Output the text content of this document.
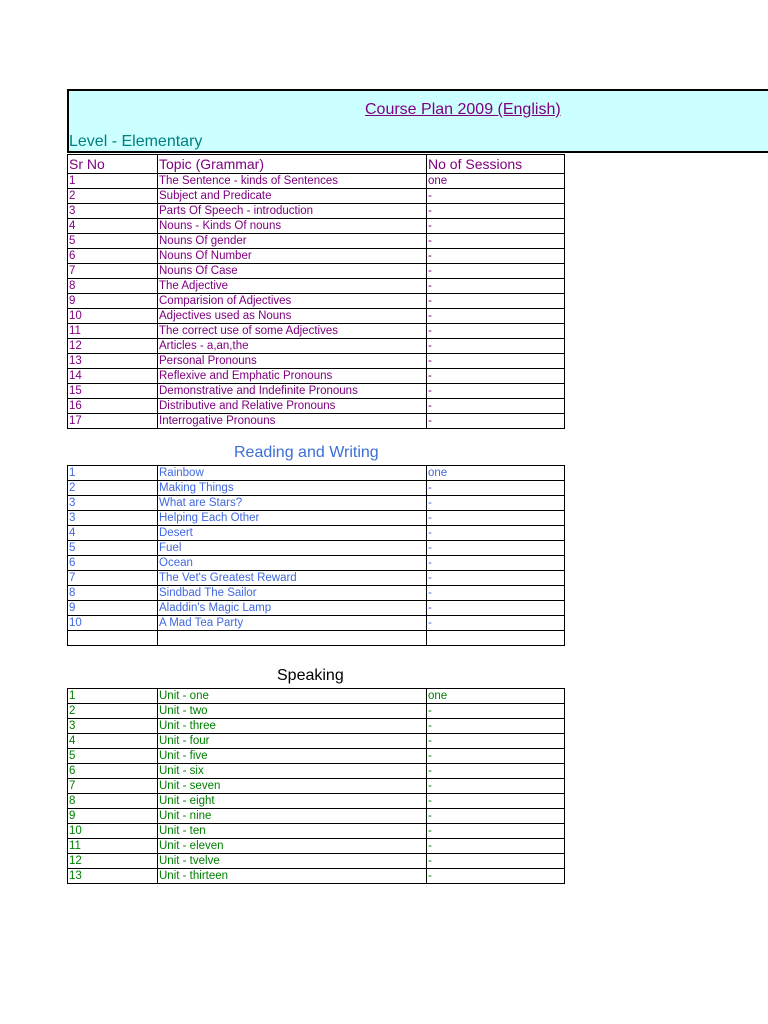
Course Plan 2009 (English)
Level - Elementary
Sr No	Topic (Grammar)	No of Sessions
1	The Sentence - kinds of Sentences	one
2	Subject and Predicate	-
3	Parts Of Speech - introduction	-
4	Nouns - Kinds Of nouns	-
5	Nouns Of gender	-
6	Nouns Of Number	-
7	Nouns Of Case	-
8	The Adjective	-
9	Comparision of Adjectives	-
10	Adjectives used as Nouns	-
11	The correct use of some Adjectives	-
12	Articles - a,an,the	-
13	Personal Pronouns	-
14	Reflexive and Emphatic Pronouns	-
15	Demonstrative and Indefinite Pronouns	-
16	Distributive and Relative Pronouns	-
17	Interrogative Pronouns	-
Reading and Writing
1	Rainbow	one
2	Making Things	-
3	What are Stars?	-
3	Helping Each Other	-
4	Desert	-
5	Fuel	-
6	Ocean	-
7	The Vet's Greatest Reward	-
8	Sindbad The Sailor	-
9	Aladdin's Magic Lamp	-
10	A Mad Tea Party	-

Speaking
1	Unit - one	one
2	Unit - two	-
3	Unit - three	-
4	Unit - four	-
5	Unit - five	-
6	Unit - six	-
7	Unit - seven	-
8	Unit - eight	-
9	Unit - nine	-
10	Unit - ten	-
11	Unit - eleven	-
12	Unit - tvelve	-
13	Unit - thirteen	-
